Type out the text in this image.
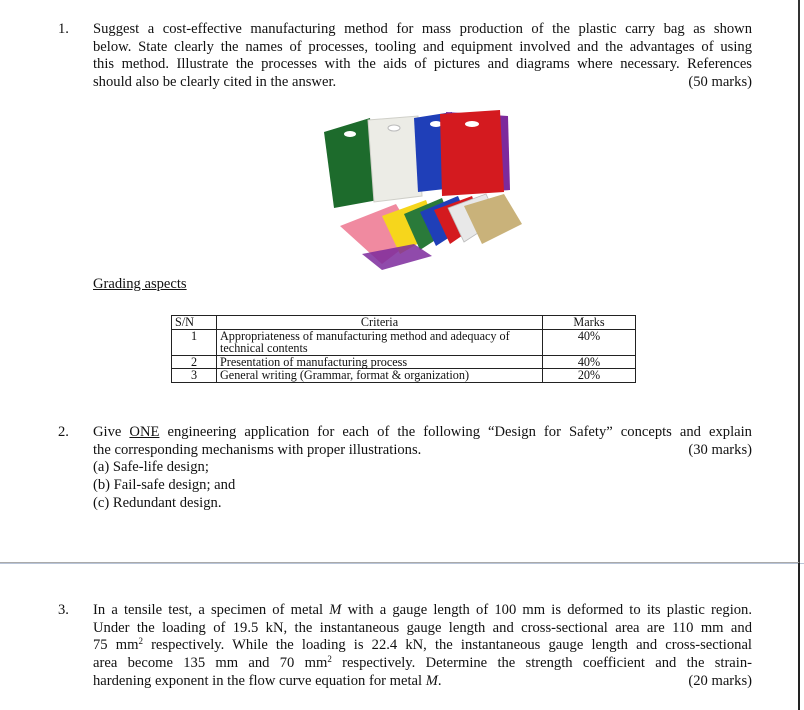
1. Suggest a cost-effective manufacturing method for mass production of the plastic carry bag as shown
below. State clearly the names of processes, tooling and equipment involved and the advantages of using
this method. Illustrate the processes with the aids of pictures and diagrams where necessary. References
should also be clearly cited in the answer.	(50 marks)
Grading aspects
S/N	Criteria	Marks
1	Appropriateness of manufacturing method and adequacy of
technical contents	40%
2	Presentation of manufacturing process	40%
3	General writing (Grammar, format & organization)	20%
2. Give ONE engineering application for each of the following “Design for Safety” concepts and explain
the corresponding mechanisms with proper illustrations.	(30 marks)
(a) Safe-life design;
(b) Fail-safe design; and
(c) Redundant design.
3. In a tensile test, a specimen of metal M with a gauge length of 100 mm is deformed to its plastic region.
Under the loading of 19.5 kN, the instantaneous gauge length and cross-sectional area are 110 mm and
75 $mm^2$ respectively. While the loading is 22.4 kN, the instantaneous gauge length and cross-sectional
area become 135 mm and 70 $mm^2$ respectively. Determine the strength coefficient and the strain-
hardening exponent in the flow curve equation for metal M.	(20 marks)
